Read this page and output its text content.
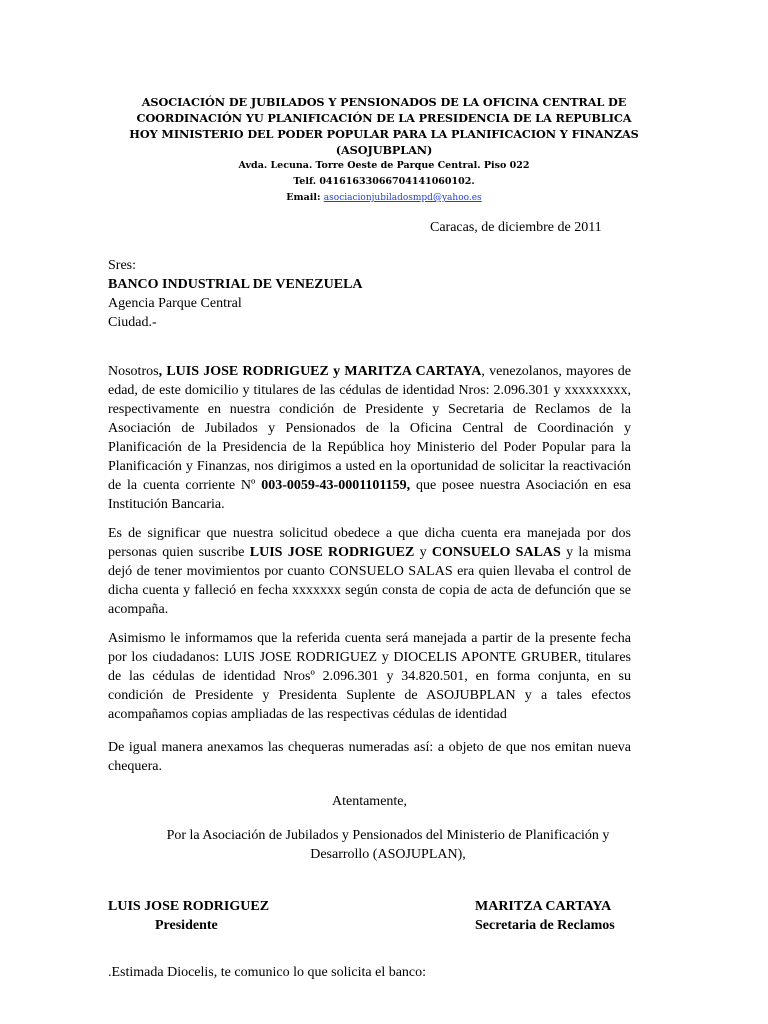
ASOCIACIÓN DE JUBILADOS Y PENSIONADOS DE LA OFICINA CENTRAL DE
COORDINACIÓN YU PLANIFICACIÓN DE LA PRESIDENCIA DE LA REPUBLICA
HOY MINISTERIO DEL PODER POPULAR PARA LA PLANIFICACION Y FINANZAS
(ASOJUBPLAN)
Avda. Lecuna. Torre Oeste de Parque Central. Piso 022
Telf. 04161633066704141060102.
Email: asociacionjubiladosmpd@yahoo.es
Caracas, de diciembre de 2011
Sres:
BANCO INDUSTRIAL DE VENEZUELA
Agencia Parque Central
Ciudad.-
Nosotros, LUIS JOSE RODRIGUEZ y MARITZA CARTAYA, venezolanos, mayores de edad, de este domicilio y titulares de las cédulas de identidad Nros: 2.096.301 y xxxxxxxxx, respectivamente en nuestra condición de Presidente y Secretaria de Reclamos de la Asociación de Jubilados y Pensionados de la Oficina Central de Coordinación y Planificación de la Presidencia de la República hoy Ministerio del Poder Popular para la Planificación y Finanzas, nos dirigimos a usted en la oportunidad de solicitar la reactivación de la cuenta corriente Nº 003-0059-43-0001101159, que posee nuestra Asociación en esa Institución Bancaria.
Es de significar que nuestra solicitud obedece a que dicha cuenta era manejada por dos personas quien suscribe LUIS JOSE RODRIGUEZ y CONSUELO SALAS y la misma dejó de tener movimientos por cuanto CONSUELO SALAS era quien llevaba el control de dicha cuenta y falleció en fecha xxxxxxx según consta de copia de acta de defunción que se acompaña.
Asimismo le informamos que la referida cuenta será manejada a partir de la presente fecha por los ciudadanos: LUIS JOSE RODRIGUEZ y DIOCELIS APONTE GRUBER, titulares de las cédulas de identidad Nrosº 2.096.301 y 34.820.501, en forma conjunta, en su condición de Presidente y Presidenta Suplente de ASOJUBPLAN y a tales efectos acompañamos copias ampliadas de las respectivas cédulas de identidad
De igual manera anexamos las chequeras numeradas así: a objeto de que nos emitan nueva chequera.
Atentamente,
Por la Asociación de Jubilados y Pensionados del Ministerio de Planificación y
Desarrollo (ASOJUPLAN),
LUIS JOSE RODRIGUEZ
Presidente
MARITZA CARTAYA
Secretaria de Reclamos
.Estimada Diocelis, te comunico lo que solicita el banco:
